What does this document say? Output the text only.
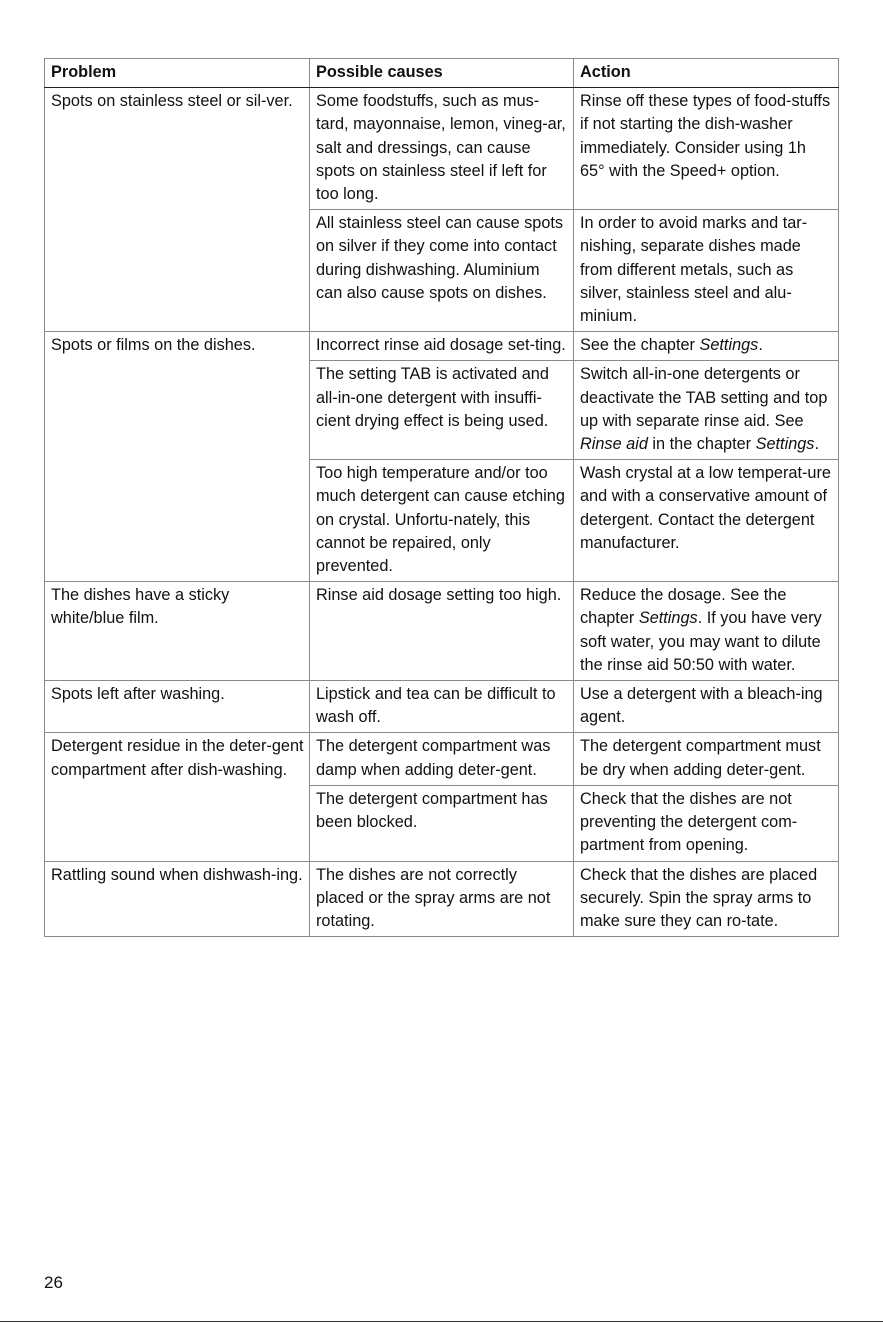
Problem	Possible causes	Action
Spots on stainless steel or sil-ver.	Some foodstuffs, such as mus-tard, mayonnaise, lemon, vineg-ar, salt and dressings, can cause spots on stainless steel if left for too long.	Rinse off these types of food-stuffs if not starting the dish-washer immediately. Consider using 1h 65° with the Speed+ option.
	All stainless steel can cause spots on silver if they come into contact during dishwashing. Aluminium can also cause spots on dishes.	In order to avoid marks and tar-nishing, separate dishes made from different metals, such as silver, stainless steel and alu-minium.
Spots or films on the dishes.	Incorrect rinse aid dosage set-ting.	See the chapter Settings.
	The setting TAB is activated and all-in-one detergent with insuffi-cient drying effect is being used.	Switch all-in-one detergents or deactivate the TAB setting and top up with separate rinse aid. See Rinse aid in the chapter Settings.
	Too high temperature and/or too much detergent can cause etching on crystal. Unfortu-nately, this cannot be repaired, only prevented.	Wash crystal at a low temperat-ure and with a conservative amount of detergent. Contact the detergent manufacturer.
The dishes have a sticky white/blue film.	Rinse aid dosage setting too high.	Reduce the dosage. See the chapter Settings. If you have very soft water, you may want to dilute the rinse aid 50:50 with water.
Spots left after washing.	Lipstick and tea can be difficult to wash off.	Use a detergent with a bleach-ing agent.
Detergent residue in the deter-gent compartment after dish-washing.	The detergent compartment was damp when adding deter-gent.	The detergent compartment must be dry when adding deter-gent.
	The detergent compartment has been blocked.	Check that the dishes are not preventing the detergent com-partment from opening.
Rattling sound when dishwash-ing.	The dishes are not correctly placed or the spray arms are not rotating.	Check that the dishes are placed securely. Spin the spray arms to make sure they can ro-tate.
26
